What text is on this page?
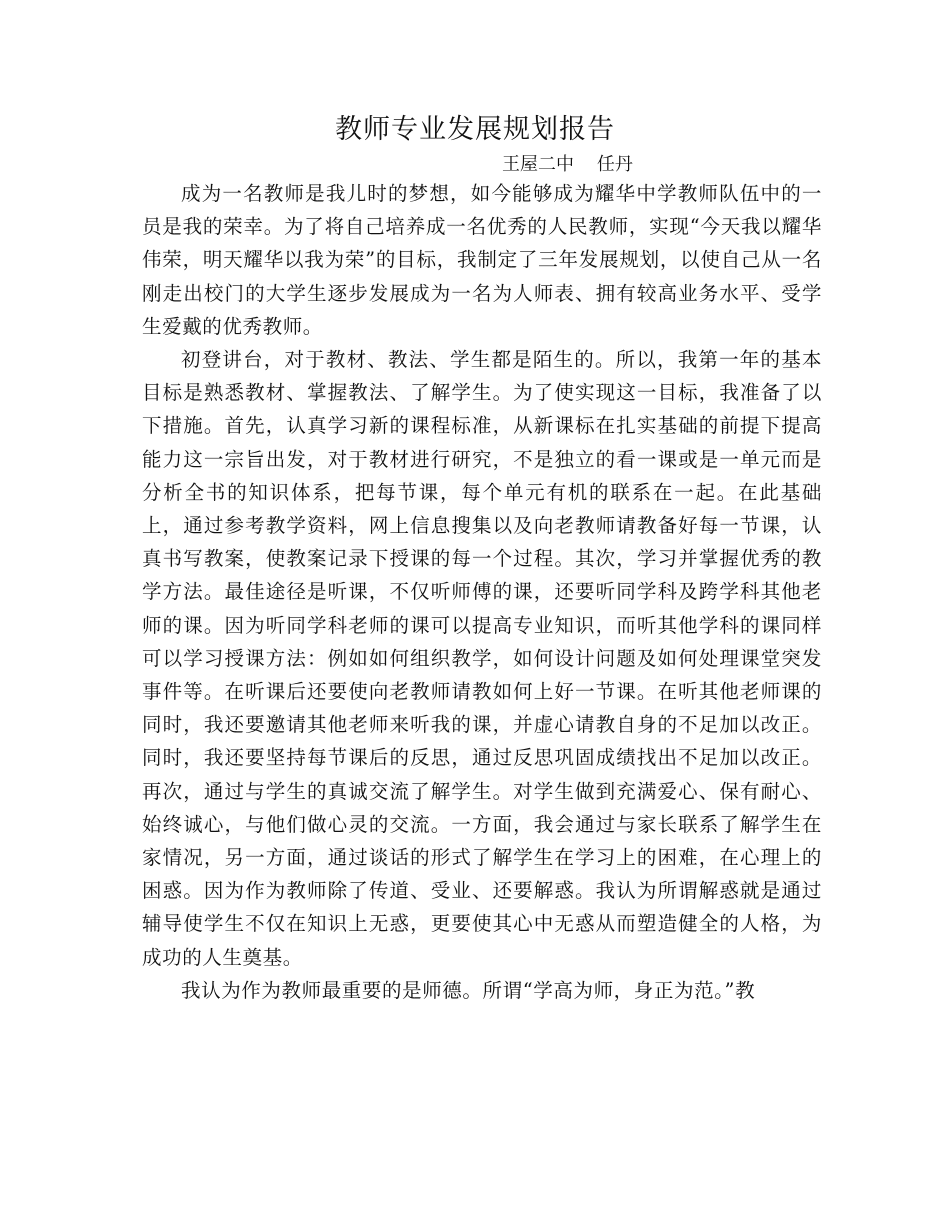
教师专业发展规划报告
王屋二中    任丹

成为一名教师是我儿时的梦想，如今能够成为耀华中学教师队伍中的一员是我的荣幸。为了将自己培养成一名优秀的人民教师，实现“今天我以耀华伟荣，明天耀华以我为荣”的目标，我制定了三年发展规划，以使自己从一名刚走出校门的大学生逐步发展成为一名为人师表、拥有较高业务水平、受学生爱戴的优秀教师。

初登讲台，对于教材、教法、学生都是陌生的。所以，我第一年的基本目标是熟悉教材、掌握教法、了解学生。为了使实现这一目标，我准备了以下措施。首先，认真学习新的课程标准，从新课标在扎实基础的前提下提高能力这一宗旨出发，对于教材进行研究，不是独立的看一课或是一单元而是分析全书的知识体系，把每节课，每个单元有机的联系在一起。在此基础上，通过参考教学资料，网上信息搜集以及向老教师请教备好每一节课，认真书写教案，使教案记录下授课的每一个过程。其次，学习并掌握优秀的教学方法。最佳途径是听课，不仅听师傅的课，还要听同学科及跨学科其他老师的课。因为听同学科老师的课可以提高专业知识，而听其他学科的课同样可以学习授课方法：例如如何组织教学，如何设计问题及如何处理课堂突发事件等。在听课后还要使向老教师请教如何上好一节课。在听其他老师课的同时，我还要邀请其他老师来听我的课，并虚心请教自身的不足加以改正。同时，我还要坚持每节课后的反思，通过反思巩固成绩找出不足加以改正。再次，通过与学生的真诚交流了解学生。对学生做到充满爱心、保有耐心、始终诚心，与他们做心灵的交流。一方面，我会通过与家长联系了解学生在家情况，另一方面，通过谈话的形式了解学生在学习上的困难，在心理上的困惑。因为作为教师除了传道、受业、还要解惑。我认为所谓解惑就是通过辅导使学生不仅在知识上无惑，更要使其心中无惑从而塑造健全的人格，为成功的人生奠基。

我认为作为教师最重要的是师德。所谓“学高为师，身正为范。”教
